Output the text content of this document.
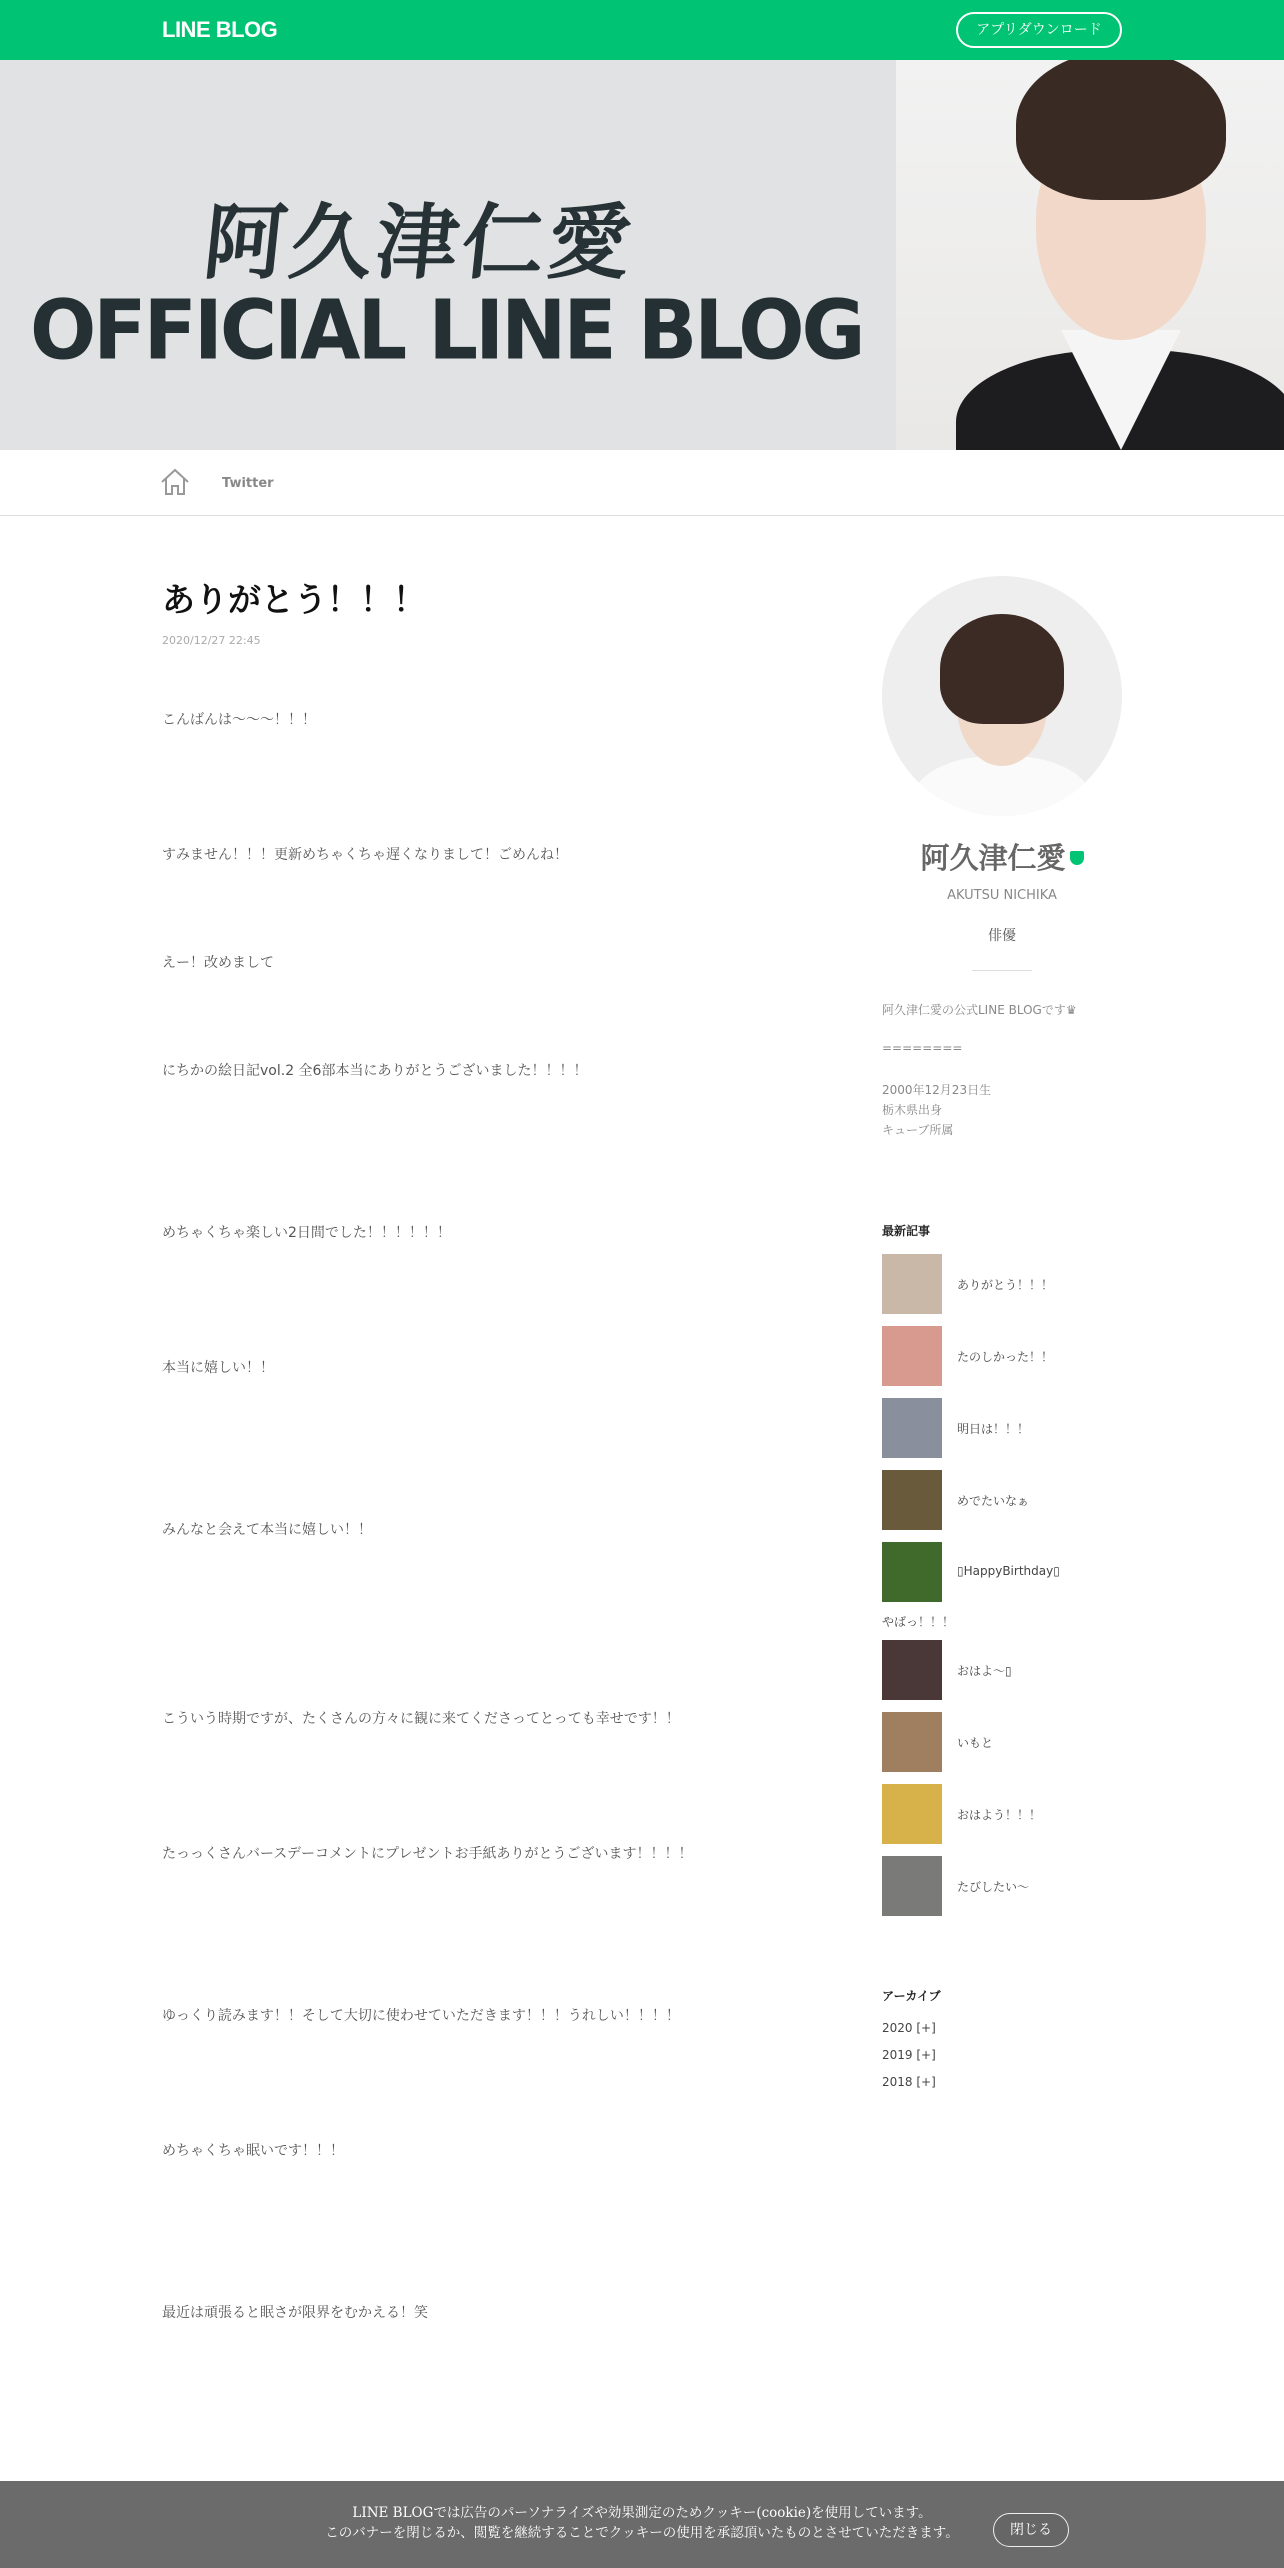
LINE BLOG	アプリダウンロード
阿久津仁愛
OFFICIAL LINE BLOG
Twitter
ありがとう！！！
2020/12/27 22:45
こんばんは〜〜〜！！！
すみません！！！更新めちゃくちゃ遅くなりまして！ごめんね！
えー！改めまして
にちかの絵日記vol.2 全6部本当にありがとうございました！！！！
めちゃくちゃ楽しい2日間でした！！！！！！
本当に嬉しい！！
みんなと会えて本当に嬉しい！！
こういう時期ですが、たくさんの方々に観に来てくださってとっても幸せです！！
たっっくさんバースデーコメントにプレゼントお手紙ありがとうございます！！！！
ゆっくり読みます！！そして大切に使わせていただきます！！！うれしい！！！！
めちゃくちゃ眠いです！！！
最近は頑張ると眠さが限界をむかえる！笑
阿久津仁愛
AKUTSU NICHIKA
俳優
阿久津仁愛の公式LINE BLOGです♛
========
2000年12月23日生
栃木県出身
キューブ所属
最新記事
ありがとう！！！
たのしかった！！
明日は！！！
めでたいなぁ
▯HappyBirthday▯
やばっ！！！
おはよ〜▯
いもと
おはよう！！！
たびしたい〜
アーカイブ
2020 [+]
2019 [+]
2018 [+]
LINE BLOGでは広告のパーソナライズや効果測定のためクッキー(cookie)を使用しています。
このバナーを閉じるか、閲覧を継続することでクッキーの使用を承認頂いたものとさせていただきます。	閉じる
